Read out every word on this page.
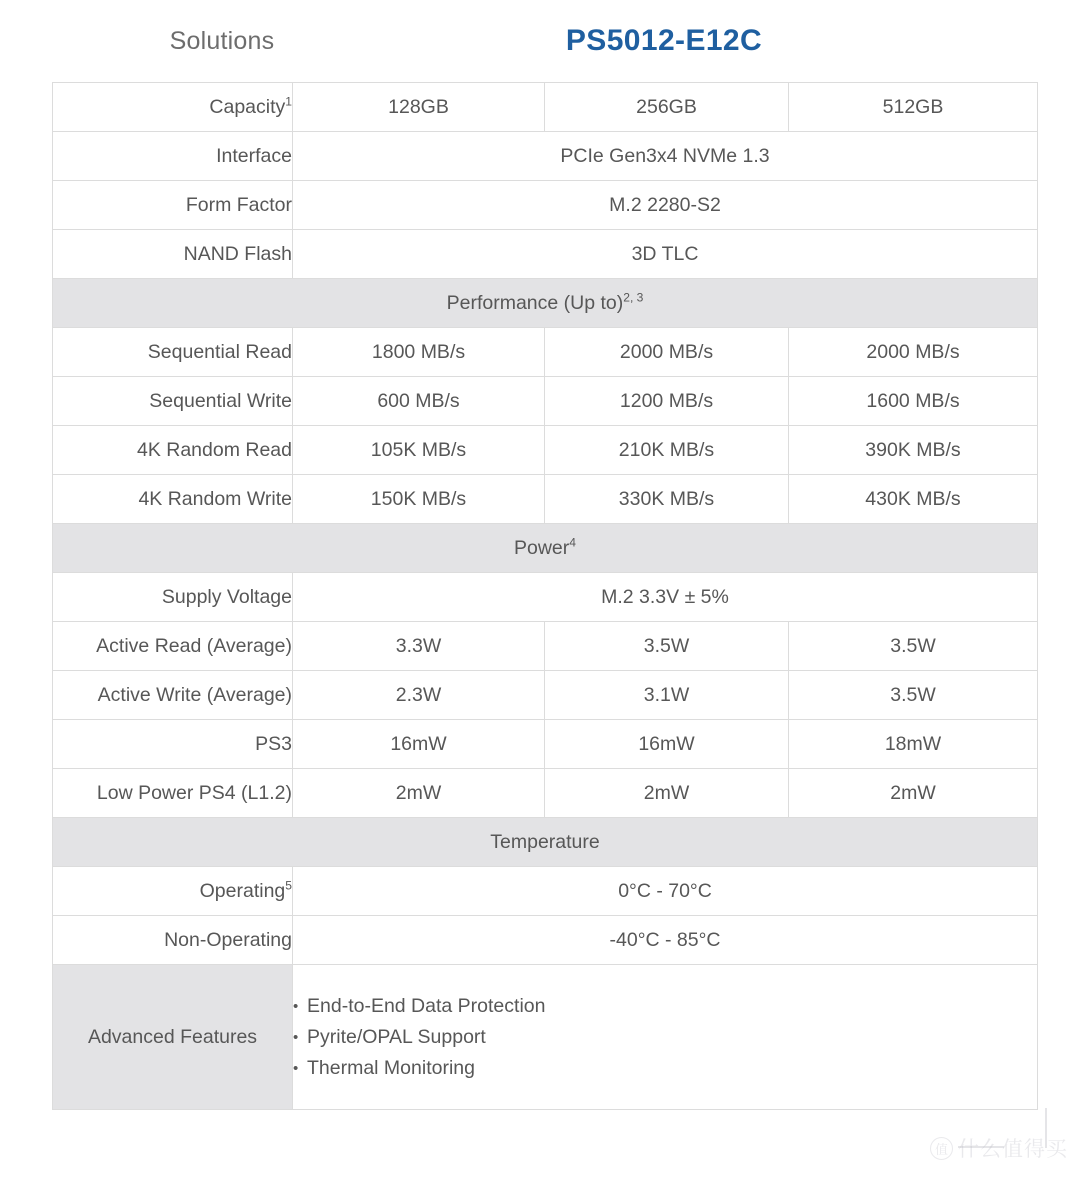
Solutions	PS5012-E12C
Capacity$^1$	128GB	256GB	512GB
Interface	PCIe Gen3x4 NVMe 1.3		
Form Factor	M.2 2280-S2		
NAND Flash	3D TLC		
Performance (Up to)$^{2, 3}$
Sequential Read	1800 MB/s	2000 MB/s	2000 MB/s
Sequential Write	600 MB/s	1200 MB/s	1600 MB/s
4K Random Read	105K MB/s	210K MB/s	390K MB/s
4K Random Write	150K MB/s	330K MB/s	430K MB/s
Power$^4$
Supply Voltage	M.2 3.3V ± 5%		
Active Read (Average)	3.3W	3.5W	3.5W
Active Write (Average)	2.3W	3.1W	3.5W
PS3	16mW	16mW	18mW
Low Power PS4 (L1.2)	2mW	2mW	2mW
Temperature			
Operating$^5$	0°C - 70°C		
Non-Operating	-40°C - 85°C		
Advanced Features	
• End-to-End Data Protection
• Pyrite/OPAL Support
• Thermal Monitoring
值 什么值得买
